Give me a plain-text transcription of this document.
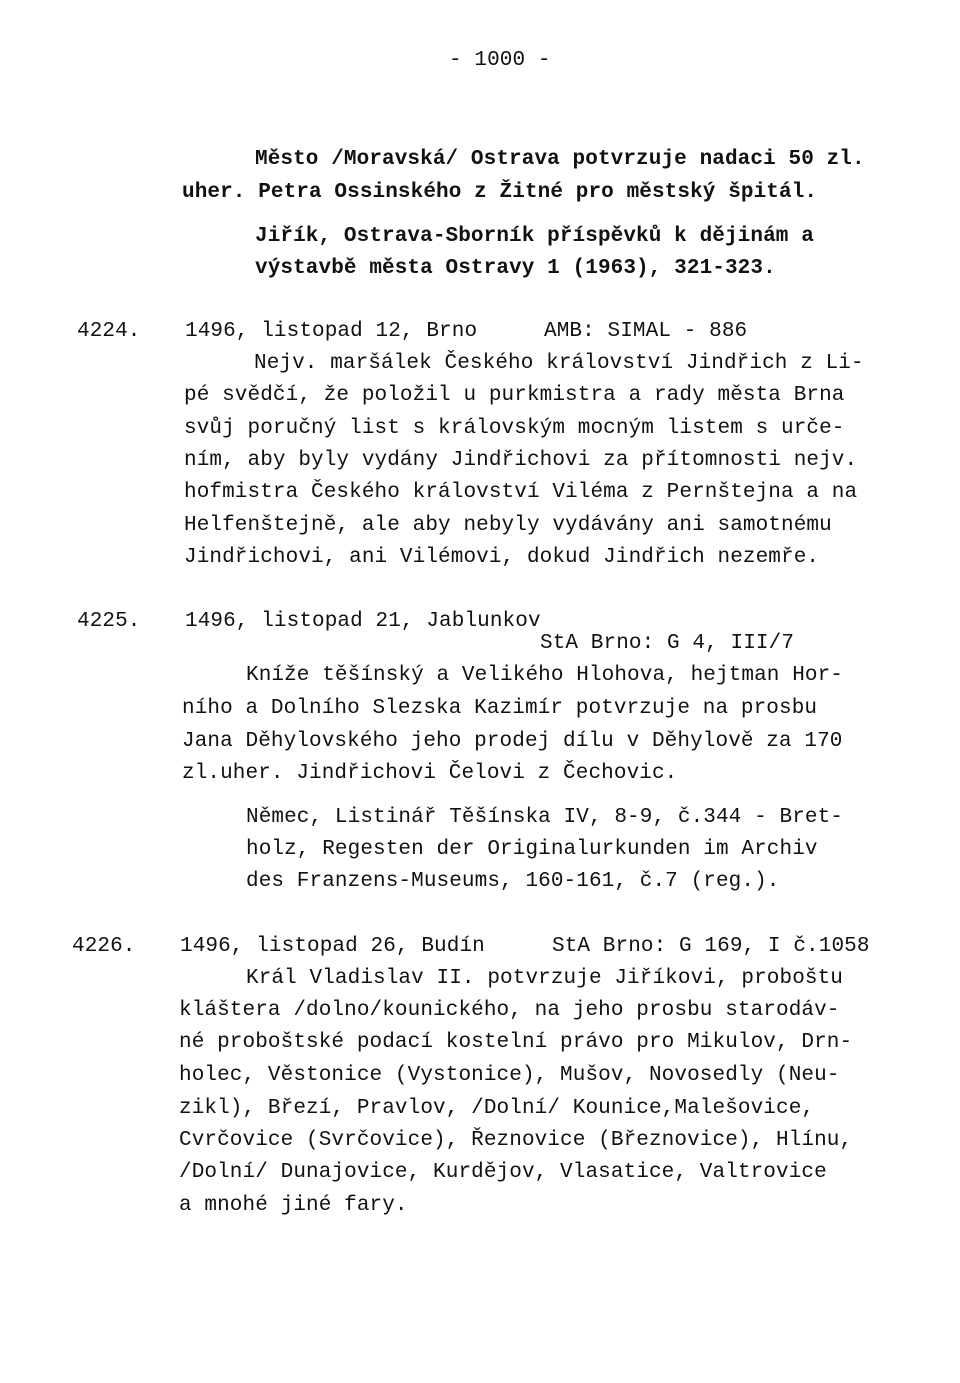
- 1000 -
Město /Moravská/ Ostrava potvrzuje nadaci 50 zl.
uher. Petra Ossinského z Žitné pro městský špitál.
Jiřík, Ostrava-Sborník příspěvků k dějinám a
výstavbě města Ostravy 1 (1963), 321-323.
4224. 1496, listopad 12, Brno	AMB: SIMAL - 886
Nejv. maršálek Českého království Jindřich z Li-
pé svědčí, že položil u purkmistra a rady města Brna
svůj poručný list s královským mocným listem s urče-
ním, aby byly vydány Jindřichovi za přítomnosti nejv.
hofmistra Českého království Viléma z Pernštejna a na
Helfenštejně, ale aby nebyly vydávány ani samotnému
Jindřichovi, ani Vilémovi, dokud Jindřich nezemře.
4225. 1496, listopad 21, Jablunkov
StA Brno: G 4, III/7
Kníže těšínský a Velikého Hlohova, hejtman Hor-
ního a Dolního Slezska Kazimír potvrzuje na prosbu
Jana Děhylovského jeho prodej dílu v Děhylově za 170
zl.uher. Jindřichovi Čelovi z Čechovic.
Němec, Listinář Těšínska IV, 8-9, č.344 - Bret-
holz, Regesten der Originalurkunden im Archiv
des Franzens-Museums, 160-161, č.7 (reg.).
4226. 1496, listopad 26, Budín	StA Brno: G 169, I č.1058
Král Vladislav II. potvrzuje Jiříkovi, proboštu
kláštera /dolno/kounického, na jeho prosbu starodáv-
né proboštské podací kostelní právo pro Mikulov, Drn-
holec, Věstonice (Vystonice), Mušov, Novosedly (Neu-
zikl), Březí, Pravlov, /Dolní/ Kounice,Malešovice,
Cvrčovice (Svrčovice), Řeznovice (Březnovice), Hlínu,
/Dolní/ Dunajovice, Kurdějov, Vlasatice, Valtrovice
a mnohé jiné fary.
